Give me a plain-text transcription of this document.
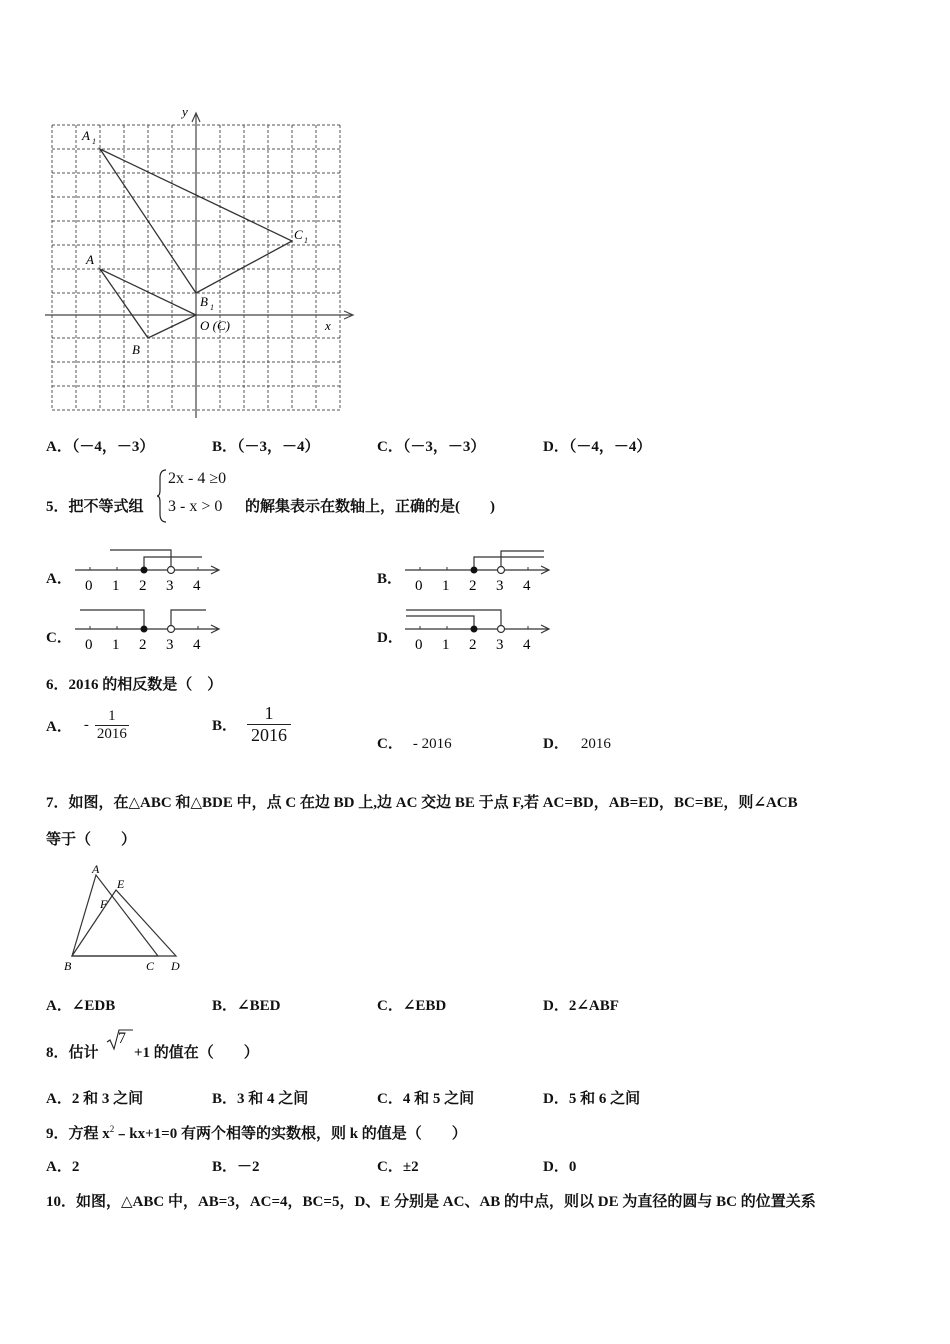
y
x
A 1
C 1
A
B 1
O (C)
B
A．（－4，－3）	B．（－3，－4）	C．（－3，－3）	D．（－4，－4）
5．把不等式组
2x - 4 ≥0
3 - x > 0 的解集表示在数轴上，正确的是(　　)
A． 0 1 2 3 4	B． 0 1 2 3 4
C． 0 1 2 3 4	D． 0 1 2 3 4
6．2016 的相反数是（　）
A． - $\frac{1}{2016}$	B． $\frac{1}{2016}$	C． - 2016	D． 2016
7．如图，在△ABC 和△BDE 中，点 C 在边 BD 上,边 AC 交边 BE 于点 F,若 AC=BD，AB=ED，BC=BE，则∠ACB
等于（　　）
A
E
F
B	C D
A．∠EDB	B．∠BED	C．∠EBD	D．2∠ABF
8．估计
7
+1 的值在（　　）
A．2 和 3 之间	B．3 和 4 之间	C．4 和 5 之间	D．5 和 6 之间
9．方程 $x^2﹣kx+1=0$ 有两个相等的实数根，则 k 的值是（　　）
A．2	B．－2	C．±2	D．0
10．如图，△ABC 中，AB=3，AC=4，BC=5，D、E 分别是 AC、AB 的中点，则以 DE 为直径的圆与 BC 的位置关系
